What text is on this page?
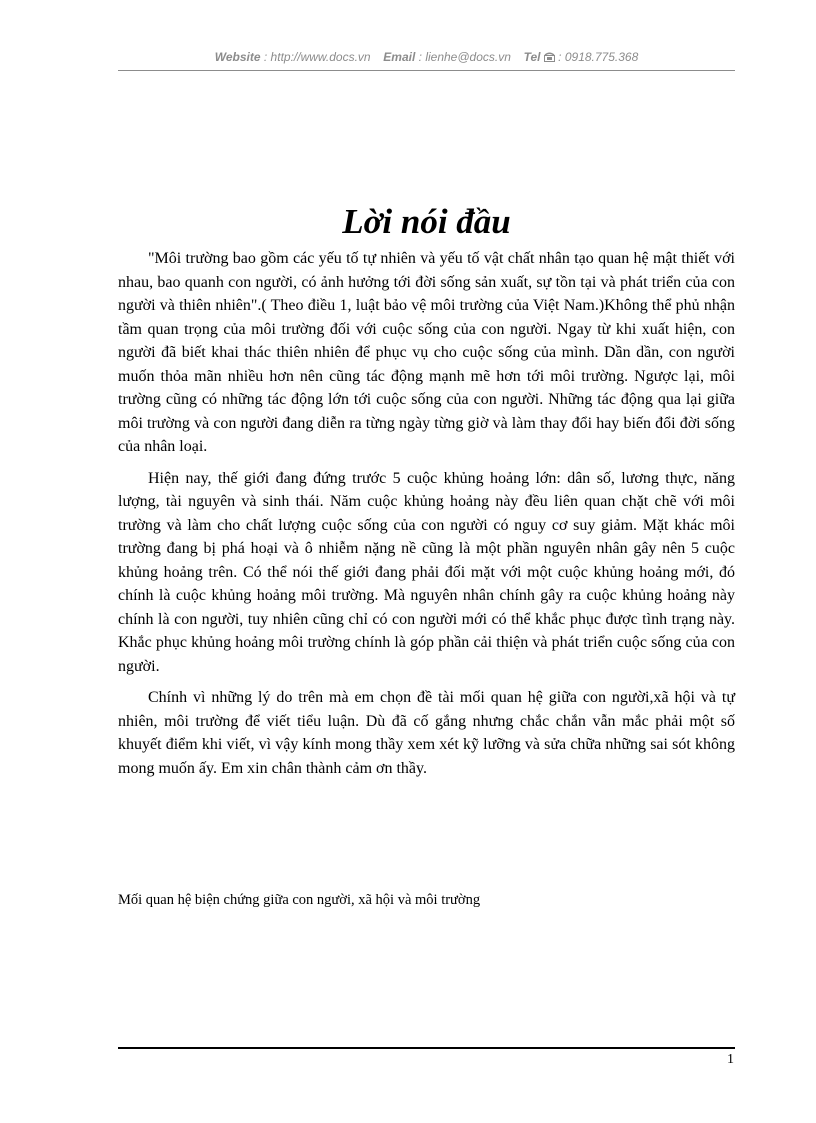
Website : http://www.docs.vn Email : lienhe@docs.vn Tel : 0918.775.368
Lời nói đầu

"Môi trường bao gồm các yếu tố tự nhiên và yếu tố vật chất nhân tạo quan hệ mật thiết với nhau, bao quanh con người, có ảnh hưởng tới đời sống sản xuất, sự tồn tại và phát triển của con người và thiên nhiên".( Theo điều 1, luật bảo vệ môi trường của Việt Nam.)Không thể phủ nhận tầm quan trọng của môi trường đối với cuộc sống của con người. Ngay từ khi xuất hiện, con người đã biết khai thác thiên nhiên để phục vụ cho cuộc sống của mình. Dần dần, con người muốn thỏa mãn nhiều hơn nên cũng tác động mạnh mẽ hơn tới môi trường. Ngược lại, môi trường cũng có những tác động lớn tới cuộc sống của con người. Những tác động qua lại giữa môi trường và con người đang diễn ra từng ngày từng giờ và làm thay đổi hay biến đổi đời sống của nhân loại.

Hiện nay, thế giới đang đứng trước 5 cuộc khủng hoảng lớn: dân số, lương thực, năng lượng, tài nguyên và sinh thái. Năm cuộc khủng hoảng này đều liên quan chặt chẽ với môi trường và làm cho chất lượng cuộc sống của con người có nguy cơ suy giảm. Mặt khác môi trường đang bị phá hoại và ô nhiễm nặng nề cũng là một phần nguyên nhân gây nên 5 cuộc khủng hoảng trên. Có thể nói thế giới đang phải đối mặt với một cuộc khủng hoảng mới, đó chính là cuộc khủng hoảng môi trường. Mà nguyên nhân chính gây ra cuộc khủng hoảng này chính là con người, tuy nhiên cũng chỉ có con người mới có thể khắc phục được tình trạng này. Khắc phục khủng hoảng môi trường chính là góp phần cải thiện và phát triển cuộc sống của con người.

Chính vì những lý do trên mà em chọn đề tài mối quan hệ giữa con người,xã hội và tự nhiên, môi trường để viết tiểu luận. Dù đã cố gắng nhưng chắc chắn vẫn mắc phải một số khuyết điểm khi viết, vì vậy kính mong thầy xem xét kỹ lưỡng và sửa chữa những sai sót không mong muốn ấy. Em xin chân thành cảm ơn thầy.

Mối quan hệ biện chứng giữa con người, xã hội và môi trường
1
